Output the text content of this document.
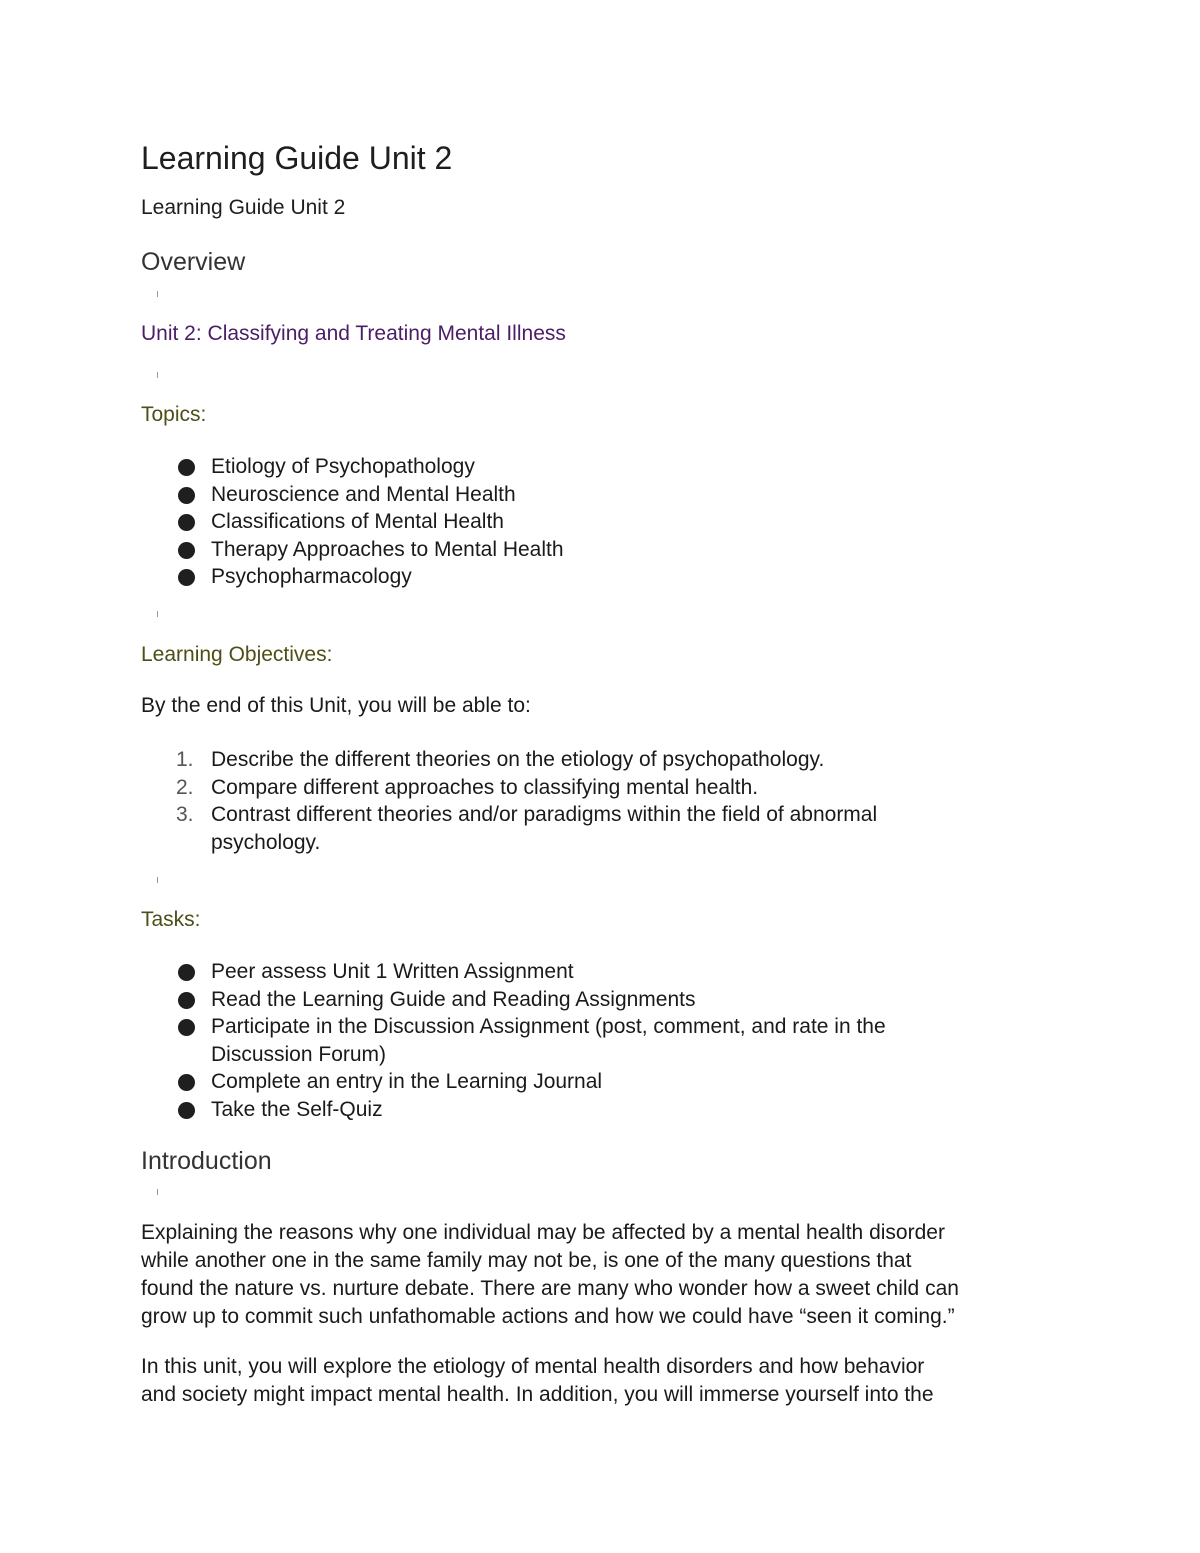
Learning Guide Unit 2

Learning Guide Unit 2

Overview

Unit 2: Classifying and Treating Mental Illness

Topics:

Etiology of Psychopathology

Neuroscience and Mental Health

Classifications of Mental Health

Therapy Approaches to Mental Health

Psychopharmacology

Learning Objectives:

By the end of this Unit, you will be able to:

1. Describe the different theories on the etiology of psychopathology.

2. Compare different approaches to classifying mental health.

3. Contrast different theories and/or paradigms within the field of abnormal

psychology.

Tasks:

Peer assess Unit 1 Written Assignment

Read the Learning Guide and Reading Assignments

Participate in the Discussion Assignment (post, comment, and rate in the

Discussion Forum)

Complete an entry in the Learning Journal

Take the Self-Quiz

Introduction
Explaining the reasons why one individual may be affected by a mental health disorder
while another one in the same family may not be, is one of the many questions that
found the nature vs. nurture debate. There are many who wonder how a sweet child can
grow up to commit such unfathomable actions and how we could have “seen it coming.”
In this unit, you will explore the etiology of mental health disorders and how behavior
and society might impact mental health. In addition, you will immerse yourself into the
